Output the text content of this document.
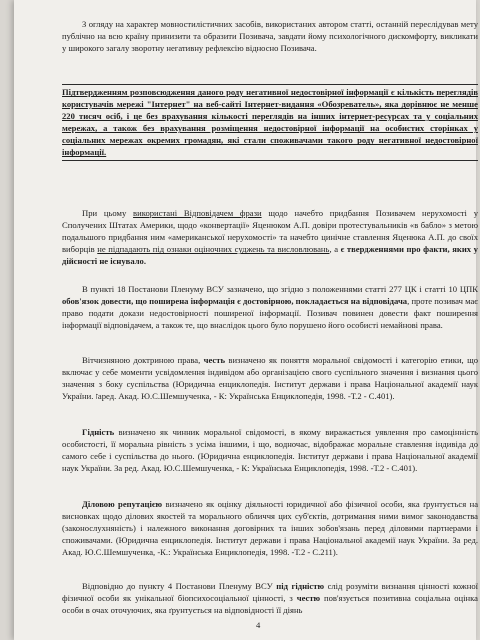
З огляду на характер мовностилістичних засобів, використаних автором статті, останній переслідував мету публічно на всю країну принизити та образити Позивача, завдати йому психологічного дискомфорту, викликати у широкого загалу зворотну негативну рефлексію відносно Позивача.

Підтвердженням розповсюдження даного роду негативної недостовірної інформації є кількість переглядів користувачів мережі "Інтернет" на веб-сайті Інтернет-видання «Обозреватель», яка дорівнює не менше 220 тисяч осіб, і це без врахування кількості переглядів на інших інтернет-ресурсах та у соціальних мережах, а також без врахування розміщення недостовірної інформації на особистих сторінках у соціальних мережах окремих громадян, які стали споживачами такого роду негативної недостовірної інформації.

При цьому використані Відповідачем фрази щодо начебто придбання Позивачем нерухомості у Сполучених Штатах Америки, щодо «конвертації» Яценюком А.П. довіри протестувальників «в бабло» з метою подальшого придбання ним «американської нерухомості» та начебто цинічне ставлення Яценюка А.П. до своїх виборців не підпадають під ознаки оціночних суджень та висловлювань, а є твердженнями про факти, яких у дійсності не існувало.

В пункті 18 Постанови Пленуму ВСУ зазначено, що згідно з положеннями статті 277 ЦК і статті 10 ЦПК обов'язок довести, що поширена інформація є достовірною, покладається на відповідача, проте позивач має право подати докази недостовірності поширеної інформації. Позивач повинен довести факт поширення інформації відповідачем, а також те, що внаслідок цього було порушено його особисті немайнові права.

Вітчизняною доктриною права, честь визначено як поняття моральної свідомості і категорію етики, що включає у себе моменти усвідомлення індивідом або організацією свого суспільного значення і визнання цього значення з боку суспільства (Юридична енциклопедія. Інститут держави і права Національної академії наук України. זаред. Акад. Ю.С.Шемшученка, - К: Українська Енциклопедія, 1998. -Т.2 - С.401).

Гідність визначено як чинник моральної свідомості, в якому виражається уявлення про самоцінність особистості, її моральна рівність з усіма іншими, і що, водночас, відображає моральне ставлення індивіда до самого себе і суспільства до нього. (Юридична енциклопедія. Інститут держави і права Національної академії наук України. За ред. Акад. Ю.С.Шемшученка, - К: Українська Енциклопедія, 1998. -Т.2 - С.401).

Діловою репутацією визначено як оцінку діяльності юридичної або фізичної особи, яка ґрунтується на висновках щодо ділових якостей та морального обличчя цих суб'єктів, дотримання ними вимог законодавства (законослухняність) і належного виконання договірних та інших зобов'язань перед діловими партнерами і споживачами. (Юридична енциклопедія. Інститут держави і права Національної академії наук України. За ред. Акад. Ю.С.Шемшученка, -К.: Українська Енциклопедія, 1998. -Т.2 - С.211).

Відповідно до пункту 4 Постанови Пленуму ВСУ під гідністю слід розуміти визнання цінності кожної фізичної особи як унікальної біопсихосоціальної цінності, з честю пов'язується позитивна соціальна оцінка особи в очах оточуючих, яка ґрунтується на відповідності її діянь

4
